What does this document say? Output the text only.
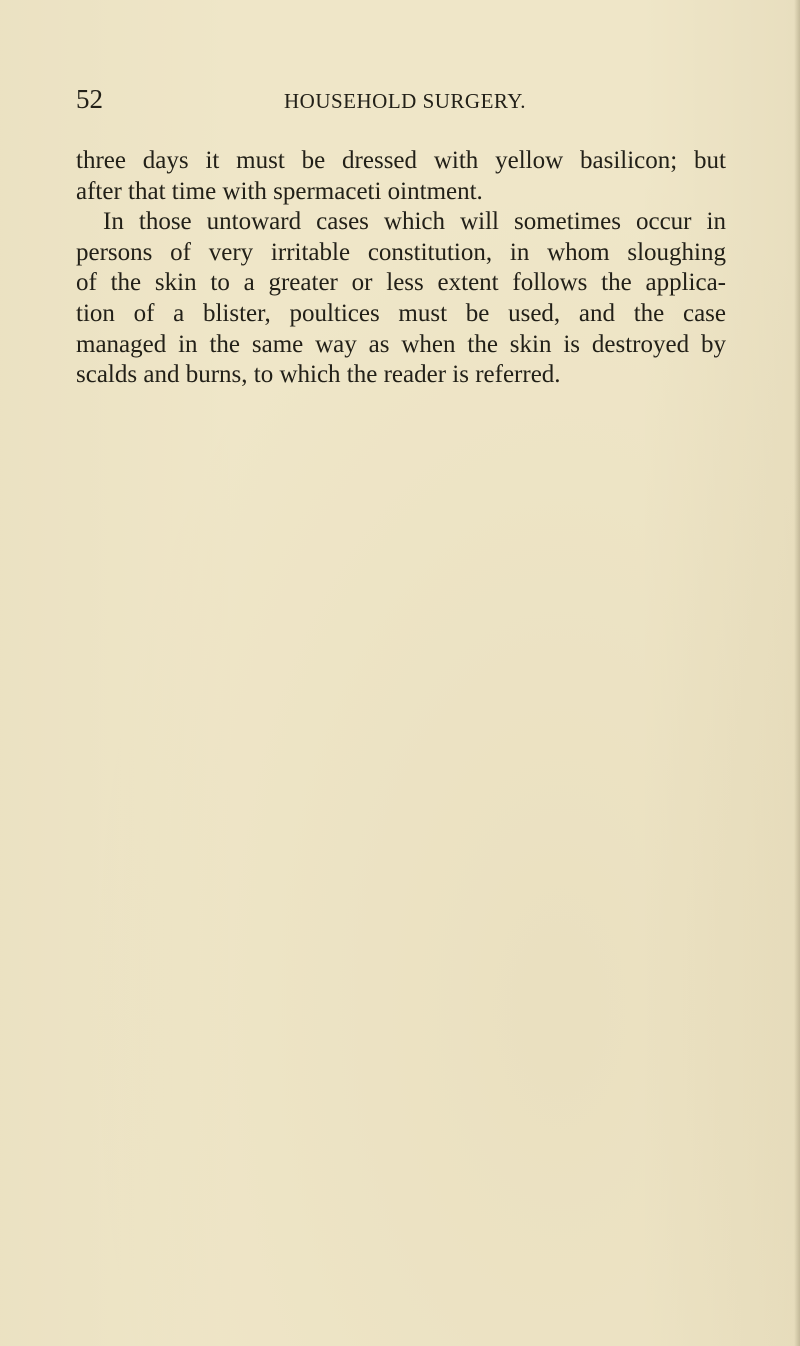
52	HOUSEHOLD SURGERY.
three days it must be dressed with yellow basilicon; but
after that time with spermaceti ointment.
In those untoward cases which will sometimes occur in
persons of very irritable constitution, in whom sloughing
of the skin to a greater or less extent follows the applica-
tion of a blister, poultices must be used, and the case
managed in the same way as when the skin is destroyed by
scalds and burns, to which the reader is referred.
